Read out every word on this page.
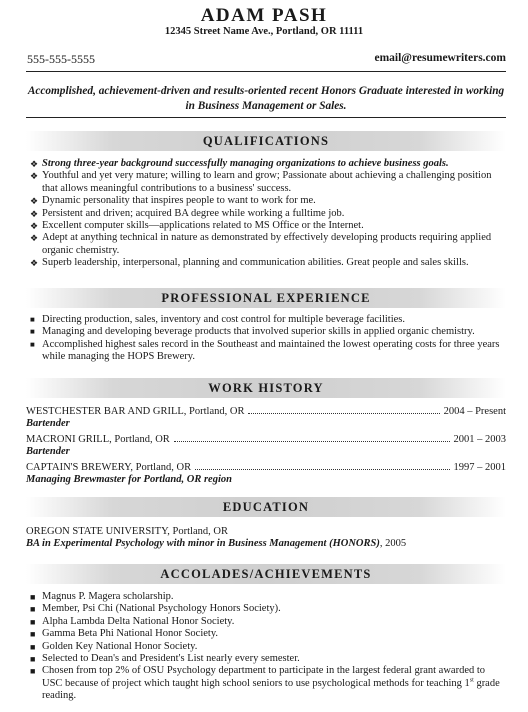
ADAM PASH
12345 Street Name Ave., Portland, OR 11111
555-555-5555	email@resumewriters.com
Accomplished, achievement-driven and results-oriented recent Honors Graduate interested in working in Business Management or Sales.
QUALIFICATIONS
❖ Strong three-year background successfully managing organizations to achieve business goals.
❖ Youthful and yet very mature; willing to learn and grow; Passionate about achieving a challenging position that allows meaningful contributions to a business' success.
❖ Dynamic personality that inspires people to want to work for me.
❖ Persistent and driven; acquired BA degree while working a fulltime job.
❖ Excellent computer skills—applications related to MS Office or the Internet.
❖ Adept at anything technical in nature as demonstrated by effectively developing products requiring applied organic chemistry.
❖ Superb leadership, interpersonal, planning and communication abilities. Great people and sales skills.
PROFESSIONAL EXPERIENCE
■ Directing production, sales, inventory and cost control for multiple beverage facilities.
■ Managing and developing beverage products that involved superior skills in applied organic chemistry.
■ Accomplished highest sales record in the Southeast and maintained the lowest operating costs for three years while managing the HOPS Brewery.
WORK HISTORY
WESTCHESTER BAR AND GRILL, Portland, OR	2004 – Present
Bartender
MACRONI GRILL, Portland, OR	2001 – 2003
Bartender
CAPTAIN'S BREWERY, Portland, OR	1997 – 2001
Managing Brewmaster for Portland, OR region
EDUCATION
OREGON STATE UNIVERSITY, Portland, OR
BA in Experimental Psychology with minor in Business Management (HONORS), 2005
ACCOLADES/ACHIEVEMENTS
■ Magnus P. Magera scholarship.
■ Member, Psi Chi (National Psychology Honors Society).
■ Alpha Lambda Delta National Honor Society.
■ Gamma Beta Phi National Honor Society.
■ Golden Key National Honor Society.
■ Selected to Dean's and President's List nearly every semester.
■ Chosen from top 2% of OSU Psychology department to participate in the largest federal grant awarded to USC because of project which taught high school seniors to use psychological methods for teaching 1st grade reading.
